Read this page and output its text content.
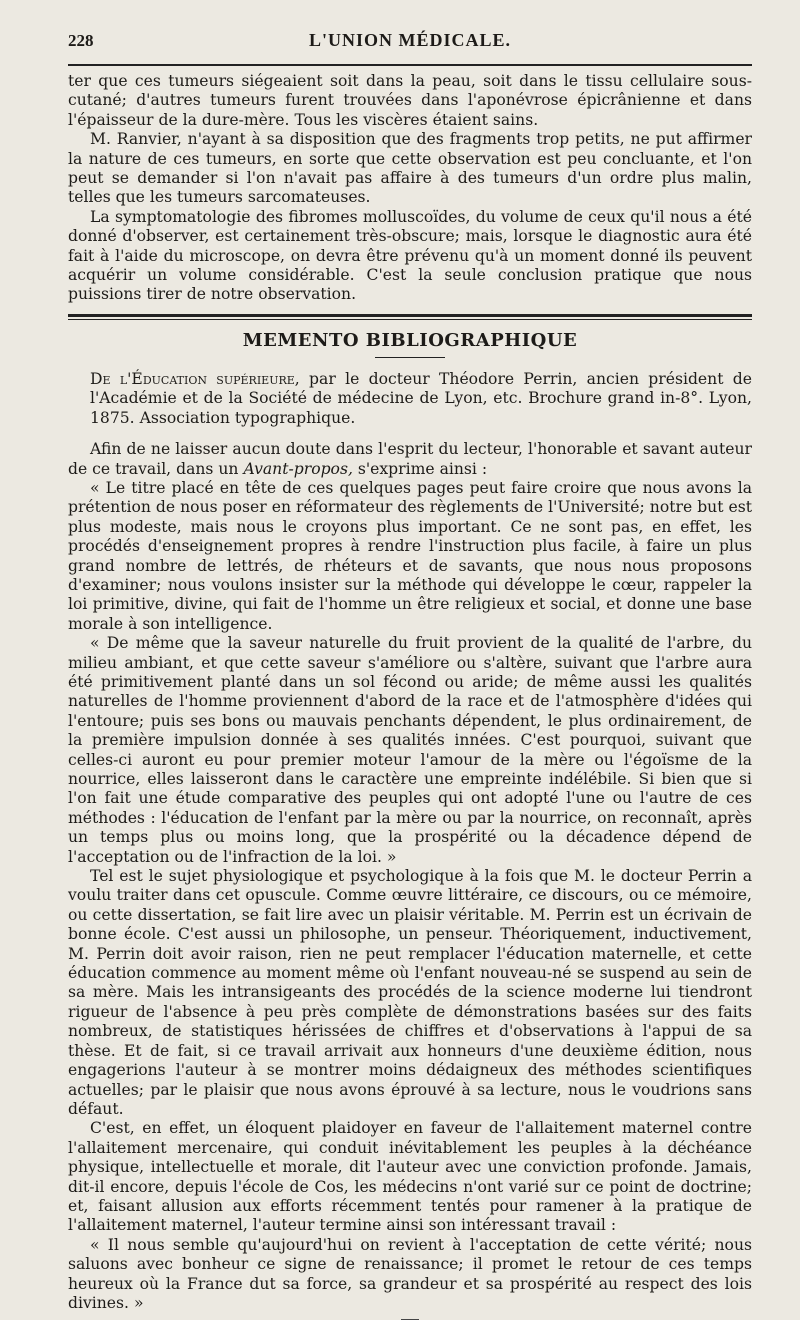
228	L'UNION MÉDICALE.

ter que ces tumeurs siégeaient soit dans la peau, soit dans le tissu cellulaire sous-cutané; d'autres tumeurs furent trouvées dans l'aponévrose épicrânienne et dans l'épaisseur de la dure-mère. Tous les viscères étaient sains.

M. Ranvier, n'ayant à sa disposition que des fragments trop petits, ne put affirmer la nature de ces tumeurs, en sorte que cette observation est peu concluante, et l'on peut se demander si l'on n'avait pas affaire à des tumeurs d'un ordre plus malin, telles que les tumeurs sarcomateuses.

La symptomatologie des fibromes molluscoïdes, du volume de ceux qu'il nous a été donné d'observer, est certainement très-obscure; mais, lorsque le diagnostic aura été fait à l'aide du microscope, on devra être prévenu qu'à un moment donné ils peuvent acquérir un volume considérable. C'est la seule conclusion pratique que nous puissions tirer de notre observation.

MEMENTO BIBLIOGRAPHIQUE

De l'Éducation supérieure, par le docteur Théodore Perrin, ancien président de l'Académie et de la Société de médecine de Lyon, etc. Brochure grand in-8°. Lyon, 1875. Association typographique.

Afin de ne laisser aucun doute dans l'esprit du lecteur, l'honorable et savant auteur de ce travail, dans un Avant-propos, s'exprime ainsi :

« Le titre placé en tête de ces quelques pages peut faire croire que nous avons la prétention de nous poser en réformateur des règlements de l'Université; notre but est plus modeste, mais nous le croyons plus important. Ce ne sont pas, en effet, les procédés d'enseignement propres à rendre l'instruction plus facile, à faire un plus grand nombre de lettrés, de rhéteurs et de savants, que nous nous proposons d'examiner; nous voulons insister sur la méthode qui développe le cœur, rappeler la loi primitive, divine, qui fait de l'homme un être religieux et social, et donne une base morale à son intelligence.

« De même que la saveur naturelle du fruit provient de la qualité de l'arbre, du milieu ambiant, et que cette saveur s'améliore ou s'altère, suivant que l'arbre aura été primitivement planté dans un sol fécond ou aride; de même aussi les qualités naturelles de l'homme proviennent d'abord de la race et de l'atmosphère d'idées qui l'entoure; puis ses bons ou mauvais penchants dépendent, le plus ordinairement, de la première impulsion donnée à ses qualités innées. C'est pourquoi, suivant que celles-ci auront eu pour premier moteur l'amour de la mère ou l'égoïsme de la nourrice, elles laisseront dans le caractère une empreinte indélébile. Si bien que si l'on fait une étude comparative des peuples qui ont adopté l'une ou l'autre de ces méthodes : l'éducation de l'enfant par la mère ou par la nourrice, on reconnaît, après un temps plus ou moins long, que la prospérité ou la décadence dépend de l'acceptation ou de l'infraction de la loi. »

Tel est le sujet physiologique et psychologique à la fois que M. le docteur Perrin a voulu traiter dans cet opuscule. Comme œuvre littéraire, ce discours, ou ce mémoire, ou cette dissertation, se fait lire avec un plaisir véritable. M. Perrin est un écrivain de bonne école. C'est aussi un philosophe, un penseur. Théoriquement, inductivement, M. Perrin doit avoir raison, rien ne peut remplacer l'éducation maternelle, et cette éducation commence au moment même où l'enfant nouveau-né se suspend au sein de sa mère. Mais les intransigeants des procédés de la science moderne lui tiendront rigueur de l'absence à peu près complète de démonstrations basées sur des faits nombreux, de statistiques hérissées de chiffres et d'observations à l'appui de sa thèse. Et de fait, si ce travail arrivait aux honneurs d'une deuxième édition, nous engagerions l'auteur à se montrer moins dédaigneux des méthodes scientifiques actuelles; par le plaisir que nous avons éprouvé à sa lecture, nous le voudrions sans défaut.

C'est, en effet, un éloquent plaidoyer en faveur de l'allaitement maternel contre l'allaitement mercenaire, qui conduit inévitablement les peuples à la déchéance physique, intellectuelle et morale, dit l'auteur avec une conviction profonde. Jamais, dit-il encore, depuis l'école de Cos, les médecins n'ont varié sur ce point de doctrine; et, faisant allusion aux efforts récemment tentés pour ramener à la pratique de l'allaitement maternel, l'auteur termine ainsi son intéressant travail :

« Il nous semble qu'aujourd'hui on revient à l'acceptation de cette vérité; nous saluons avec bonheur ce signe de renaissance; il promet le retour de ces temps heureux où la France dut sa force, sa grandeur et sa prospérité au respect des lois divines. »
